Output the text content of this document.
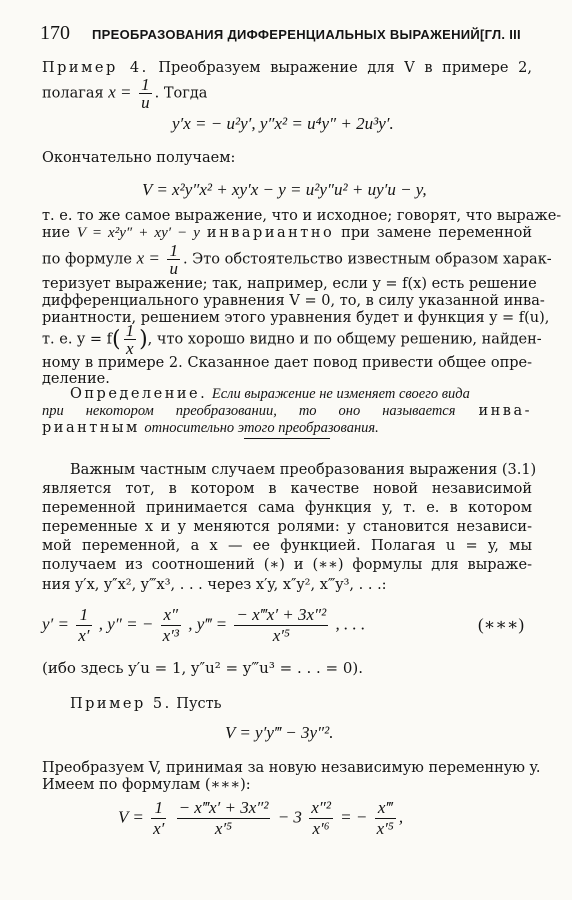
170 ПРЕОБРАЗОВАНИЯ ДИФФЕРЕНЦИАЛЬНЫХ ВЫРАЖЕНИЙ [ГЛ. III
Пример 4. Преобразуем выражение для V в примере 2,
полагая $x = \frac{1}{u}$ . Тогда
y′x = − u²y′, y″x² = u⁴y″ + 2u³y′.
Окончательно получаем:
V = x²y″x² + xy′x − y = u²y″u² + uy′u − y,
т. е. то же самое выражение, что и исходное; говорят, что выраже-
ние V = x²y″ + xy′ − y инвариантно при замене переменной
по формуле $x = \frac{1}{u}$ . Это обстоятельство известным образом харак-
теризует выражение; так, например, если y = f(x) есть решение
дифференциального уравнения V = 0, то, в силу указанной инва-
риантности, решением этого уравнения будет и функция y = f(u),
т. е. $y = f( \frac{1}{x}$ ), что хорошо видно и по общему решению, найден-
ному в примере 2. Сказанное дает повод привести общее опре-
деление.
Определение. Если выражение не изменяет своего вида
при некотором преобразовании, то оно называется инва-
риантным относительно этого преобразования.
Важным частным случаем преобразования выражения (3.1)
является тот, в котором в качестве новой независимой
переменной принимается сама функция y, т. е. в котором
переменные x и y меняются ролями: y становится независи-
мой переменной, а x — ее функцией. Полагая u = y, мы
получаем из соотношений (∗) и (∗∗) формулы для выраже-
ния y′x, y″x², y‴x³, . . . через x′y, x″y², x‴y³, . . .:
$y' = \frac{1}{x'}$ , y″ = − $\frac{x''}{\text{x′³}}$ , y‴ = $\frac{\text{− x‴x′ + 3x″²}}{\text{x′⁵}}$ , . . .	(∗∗∗)
(ибо здесь y′u = 1, y″u² = y‴u³ = . . . = 0).
Пример 5. Пусть
V = y′y‴ − 3y″².
Преобразуем V, принимая за новую независимую переменную y.
Имеем по формулам (∗∗∗):
$V = \frac{1}{x'}$
$\frac{\text{− x‴x′ + 3x″²}}{\text{x′⁵}} - 3 \frac{\text{x″²}}{\text{x′⁶}}$ = − $\frac{x‴}{\text{x′⁵}}$ ,
